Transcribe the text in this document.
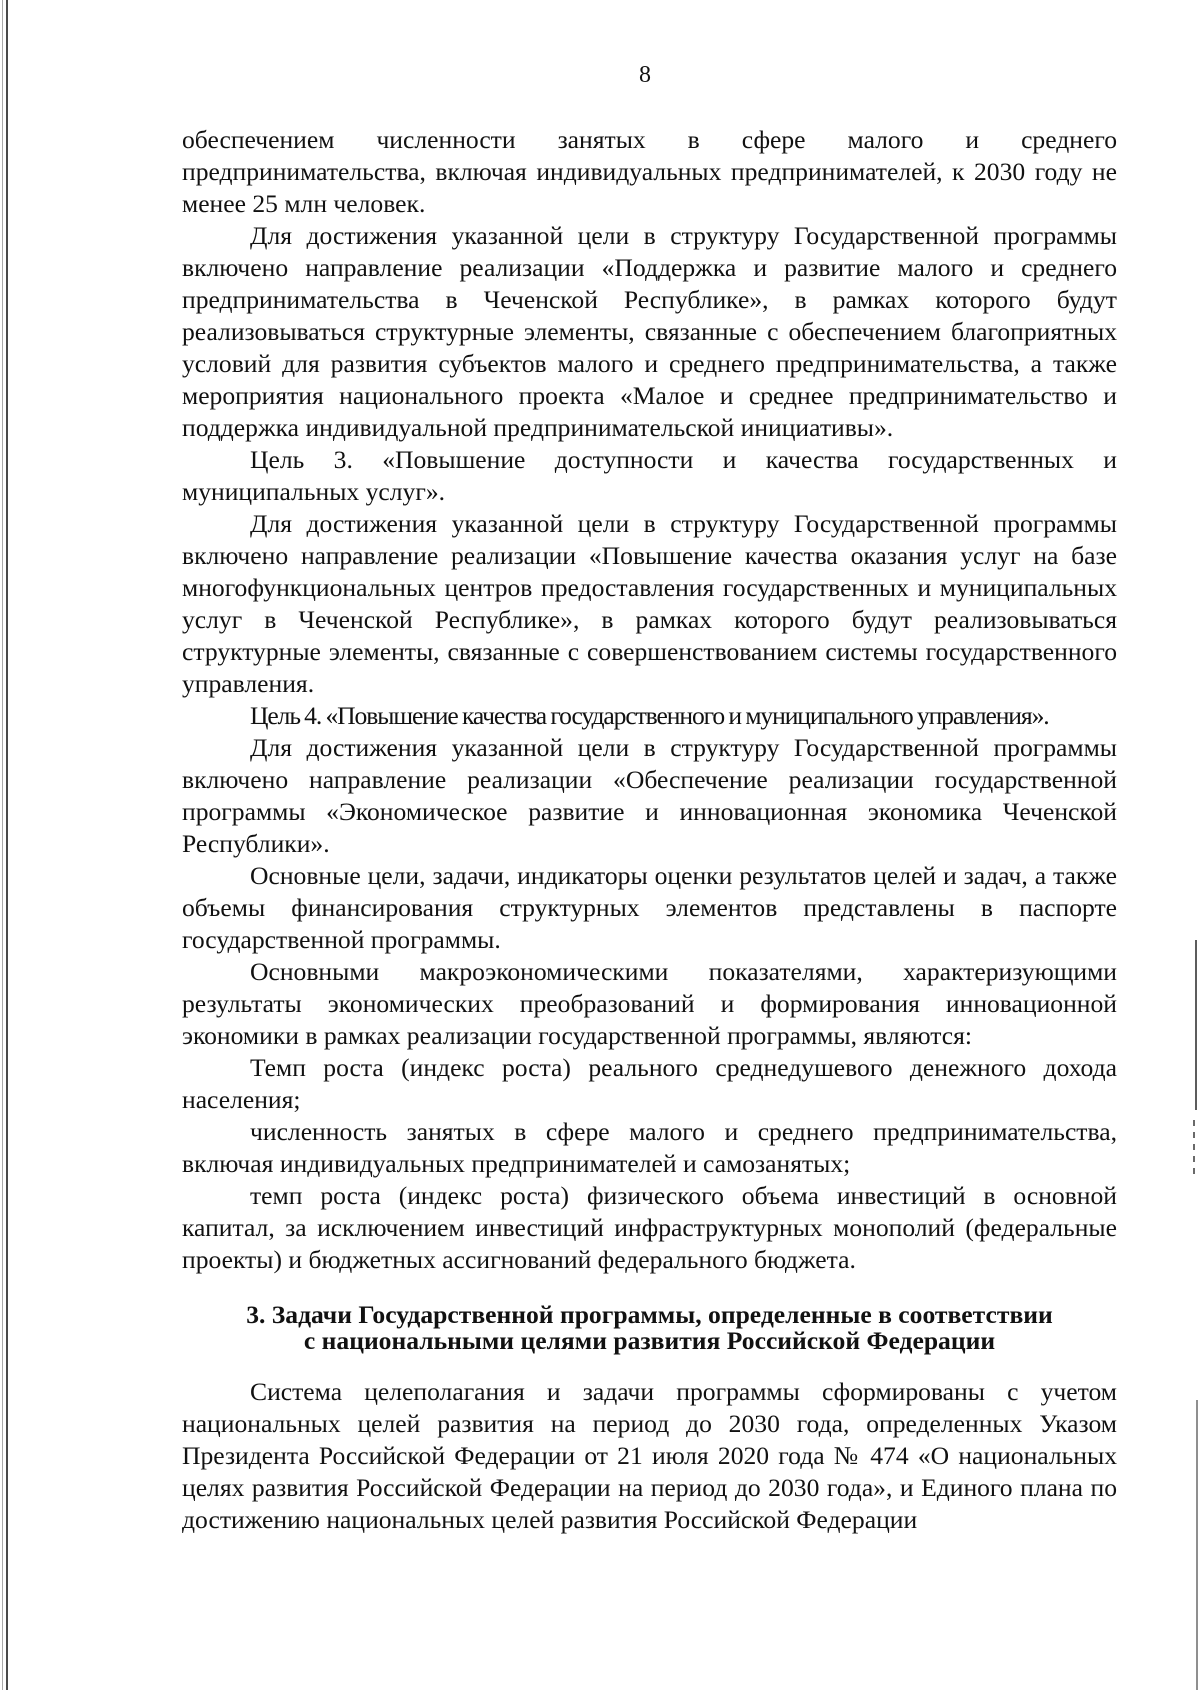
8

обеспечением численности занятых в сфере малого и среднего предпринимательства, включая индивидуальных предпринимателей, к 2030 году не менее 25 млн человек.

Для достижения указанной цели в структуру Государственной программы включено направление реализации «Поддержка и развитие малого и среднего предпринимательства в Чеченской Республике», в рамках которого будут реализовываться структурные элементы, связанные с обеспечением благоприятных условий для развития субъектов малого и среднего предпринимательства, а также мероприятия национального проекта «Малое и среднее предпринимательство и поддержка индивидуальной предпринимательской инициативы».

Цель 3. «Повышение доступности и качества государственных и муниципальных услуг».

Для достижения указанной цели в структуру Государственной программы включено направление реализации «Повышение качества оказания услуг на базе многофункциональных центров предоставления государственных и муниципальных услуг в Чеченской Республике», в рамках которого будут реализовываться структурные элементы, связанные с совершенствованием системы государственного управления.

Цель 4. «Повышение качества государственного и муниципального управления».

Для достижения указанной цели в структуру Государственной программы включено направление реализации «Обеспечение реализации государственной программы «Экономическое развитие и инновационная экономика Чеченской Республики».

Основные цели, задачи, индикаторы оценки результатов целей и задач, а также объемы финансирования структурных элементов представлены в паспорте государственной программы.

Основными макроэкономическими показателями, характеризующими результаты экономических преобразований и формирования инновационной экономики в рамках реализации государственной программы, являются:

Темп роста (индекс роста) реального среднедушевого денежного дохода населения;

численность занятых в сфере малого и среднего предпринимательства, включая индивидуальных предпринимателей и самозанятых;

темп роста (индекс роста) физического объема инвестиций в основной капитал, за исключением инвестиций инфраструктурных монополий (федеральные проекты) и бюджетных ассигнований федерального бюджета.

3. Задачи Государственной программы, определенные в соответствии
с национальными целями развития Российской Федерации

Система целеполагания и задачи программы сформированы с учетом национальных целей развития на период до 2030 года, определенных Указом Президента Российской Федерации от 21 июля 2020 года № 474 «О национальных целях развития Российской Федерации на период до 2030 года», и Единого плана по достижению национальных целей развития Российской Федерации
